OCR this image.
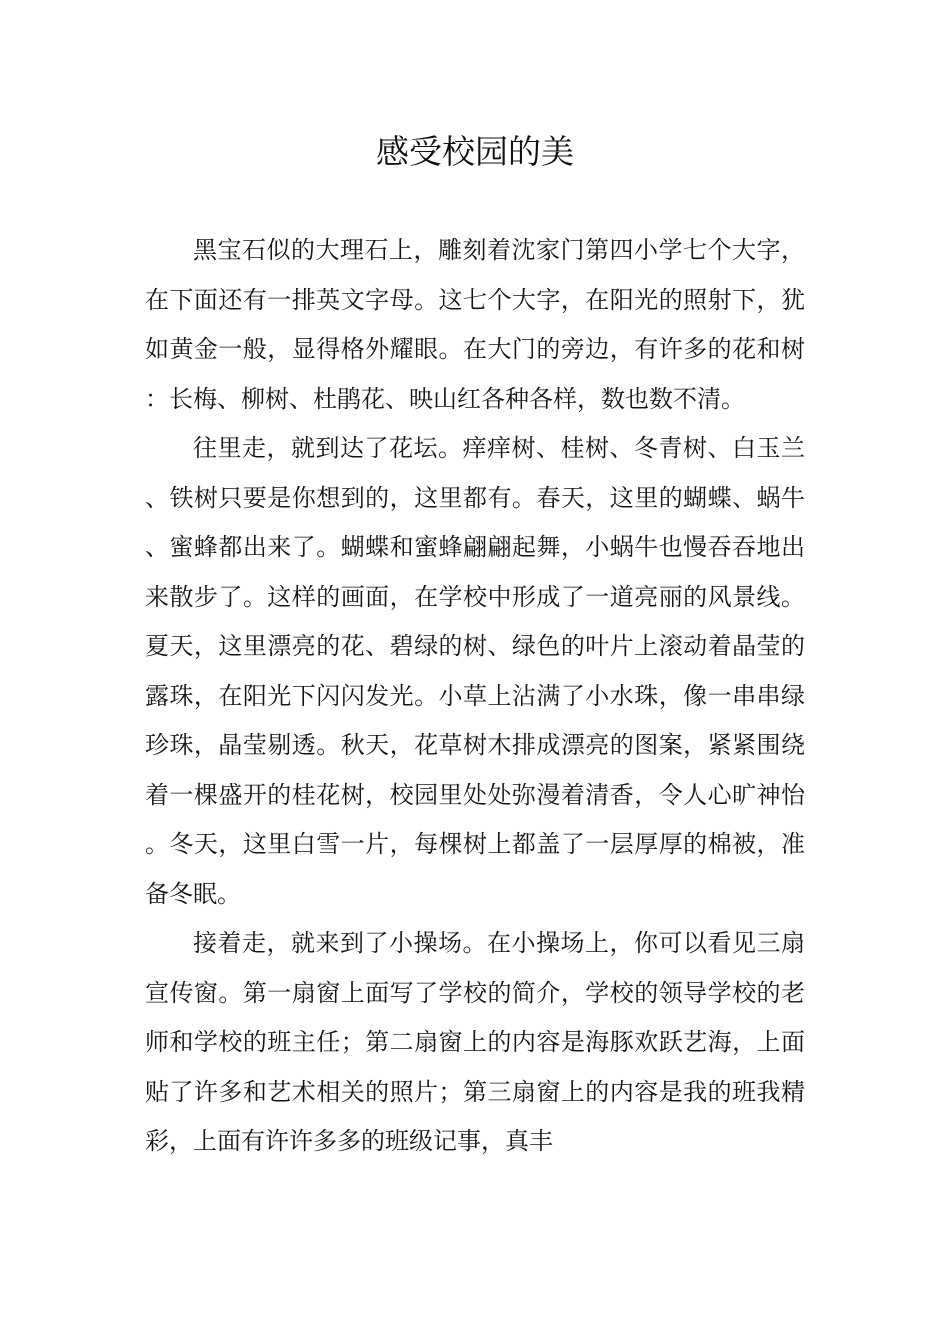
感受校园的美

黑宝石似的大理石上，雕刻着沈家门第四小学七个大字，在下面还有一排英文字母。这七个大字，在阳光的照射下，犹如黄金一般，显得格外耀眼。在大门的旁边，有许多的花和树：长梅、柳树、杜鹃花、映山红各种各样，数也数不清。

往里走，就到达了花坛。痒痒树、桂树、冬青树、白玉兰、铁树只要是你想到的，这里都有。春天，这里的蝴蝶、蜗牛、蜜蜂都出来了。蝴蝶和蜜蜂翩翩起舞，小蜗牛也慢吞吞地出来散步了。这样的画面，在学校中形成了一道亮丽的风景线。夏天，这里漂亮的花、碧绿的树、绿色的叶片上滚动着晶莹的露珠，在阳光下闪闪发光。小草上沾满了小水珠，像一串串绿珍珠，晶莹剔透。秋天，花草树木排成漂亮的图案，紧紧围绕着一棵盛开的桂花树，校园里处处弥漫着清香，令人心旷神怡。冬天，这里白雪一片，每棵树上都盖了一层厚厚的棉被，准备冬眠。

接着走，就来到了小操场。在小操场上，你可以看见三扇宣传窗。第一扇窗上面写了学校的简介，学校的领导学校的老师和学校的班主任；第二扇窗上的内容是海豚欢跃艺海，上面贴了许多和艺术相关的照片；第三扇窗上的内容是我的班我精彩，上面有许许多多的班级记事，真丰
